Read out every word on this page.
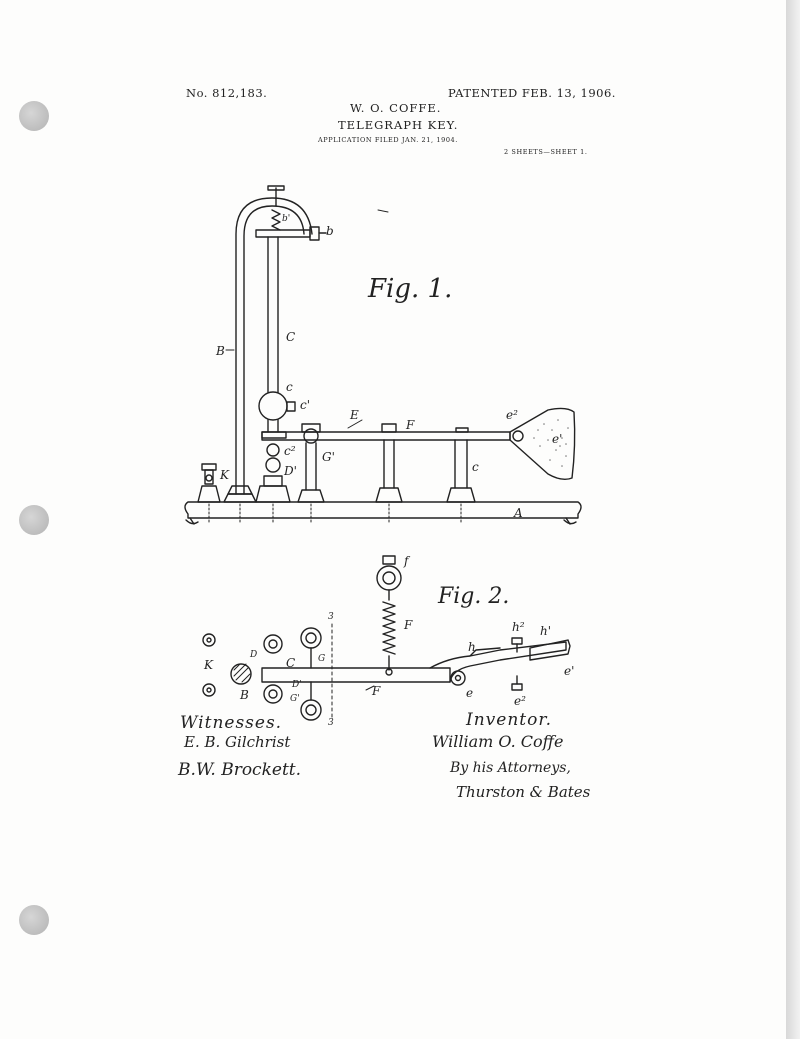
No. 812,183.	PATENTED FEB. 13, 1906.
W. O. COFFE.
TELEGRAPH KEY.
APPLICATION FILED JAN. 21, 1904.
2 SHEETS—SHEET 1.
Fig. 1.
B
C
b
b'
c
c'
c²
D'
E
F
G'
K
e²
e'
c
A
Fig. 2.
f
F
F
K
B
D
C	G
D'
G'
3
3
h
h² h'
e
e'
e²
Witnesses.
E. B. Gilchrist
B.W. Brockett.
Inventor.
William O. Coffe
By his Attorneys,
Thurston & Bates
